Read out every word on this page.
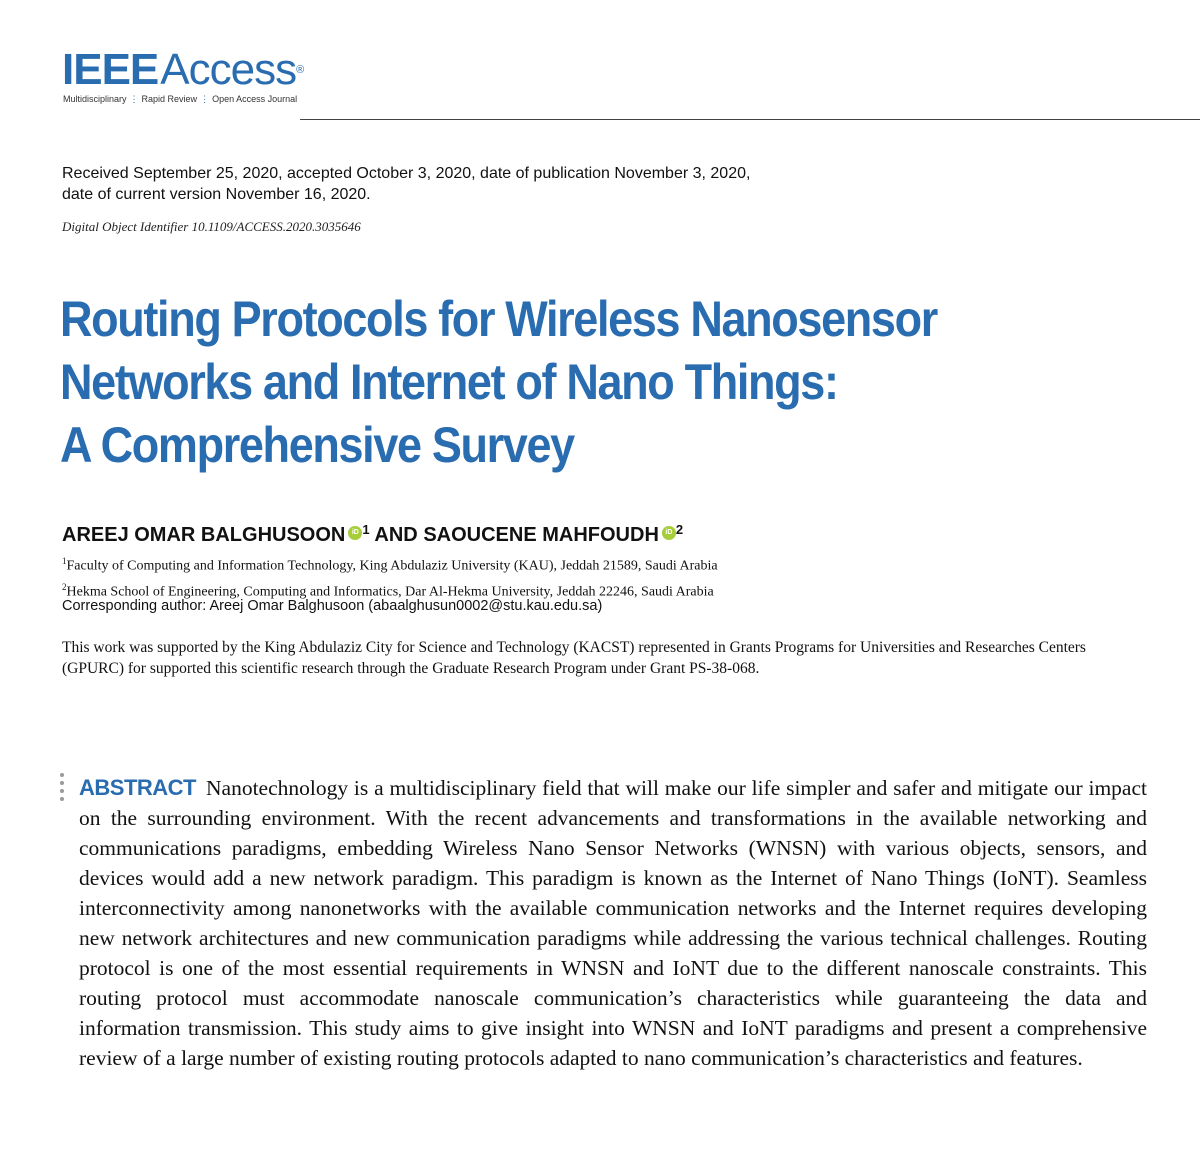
IEEEAccess®
Multidisciplinary ⋮ Rapid Review ⋮ Open Access Journal
Received September 25, 2020, accepted October 3, 2020, date of publication November 3, 2020,
date of current version November 16, 2020.
Digital Object Identifier 10.1109/ACCESS.2020.3035646
Routing Protocols for Wireless Nanosensor
Networks and Internet of Nano Things:
A Comprehensive Survey
AREEJ OMAR BALGHUSOON iD $^1$ AND SAOUCENE MAHFOUDH iD $^2$
$^1$Faculty of Computing and Information Technology, King Abdulaziz University (KAU), Jeddah 21589, Saudi Arabia
$^2$Hekma School of Engineering, Computing and Informatics, Dar Al-Hekma University, Jeddah 22246, Saudi Arabia
Corresponding author: Areej Omar Balghusoon (abaalghusun0002@stu.kau.edu.sa)
This work was supported by the King Abdulaziz City for Science and Technology (KACST) represented in Grants Programs for Universities and Researches Centers (GPURC) for supported this scientific research through the Graduate Research Program under Grant PS-38-068.
ABSTRACT Nanotechnology is a multidisciplinary field that will make our life simpler and safer and mitigate our impact on the surrounding environment. With the recent advancements and transformations in the available networking and communications paradigms, embedding Wireless Nano Sensor Networks (WNSN) with various objects, sensors, and devices would add a new network paradigm. This paradigm is known as the Internet of Nano Things (IoNT). Seamless interconnectivity among nanonetworks with the available communication networks and the Internet requires developing new network architectures and new communication paradigms while addressing the various technical challenges. Routing protocol is one of the most essential requirements in WNSN and IoNT due to the different nanoscale constraints. This routing protocol must accommodate nanoscale communication’s characteristics while guaranteeing the data and information transmission. This study aims to give insight into WNSN and IoNT paradigms and present a comprehensive review of a large number of existing routing protocols adapted to nano communication’s characteristics and features.
